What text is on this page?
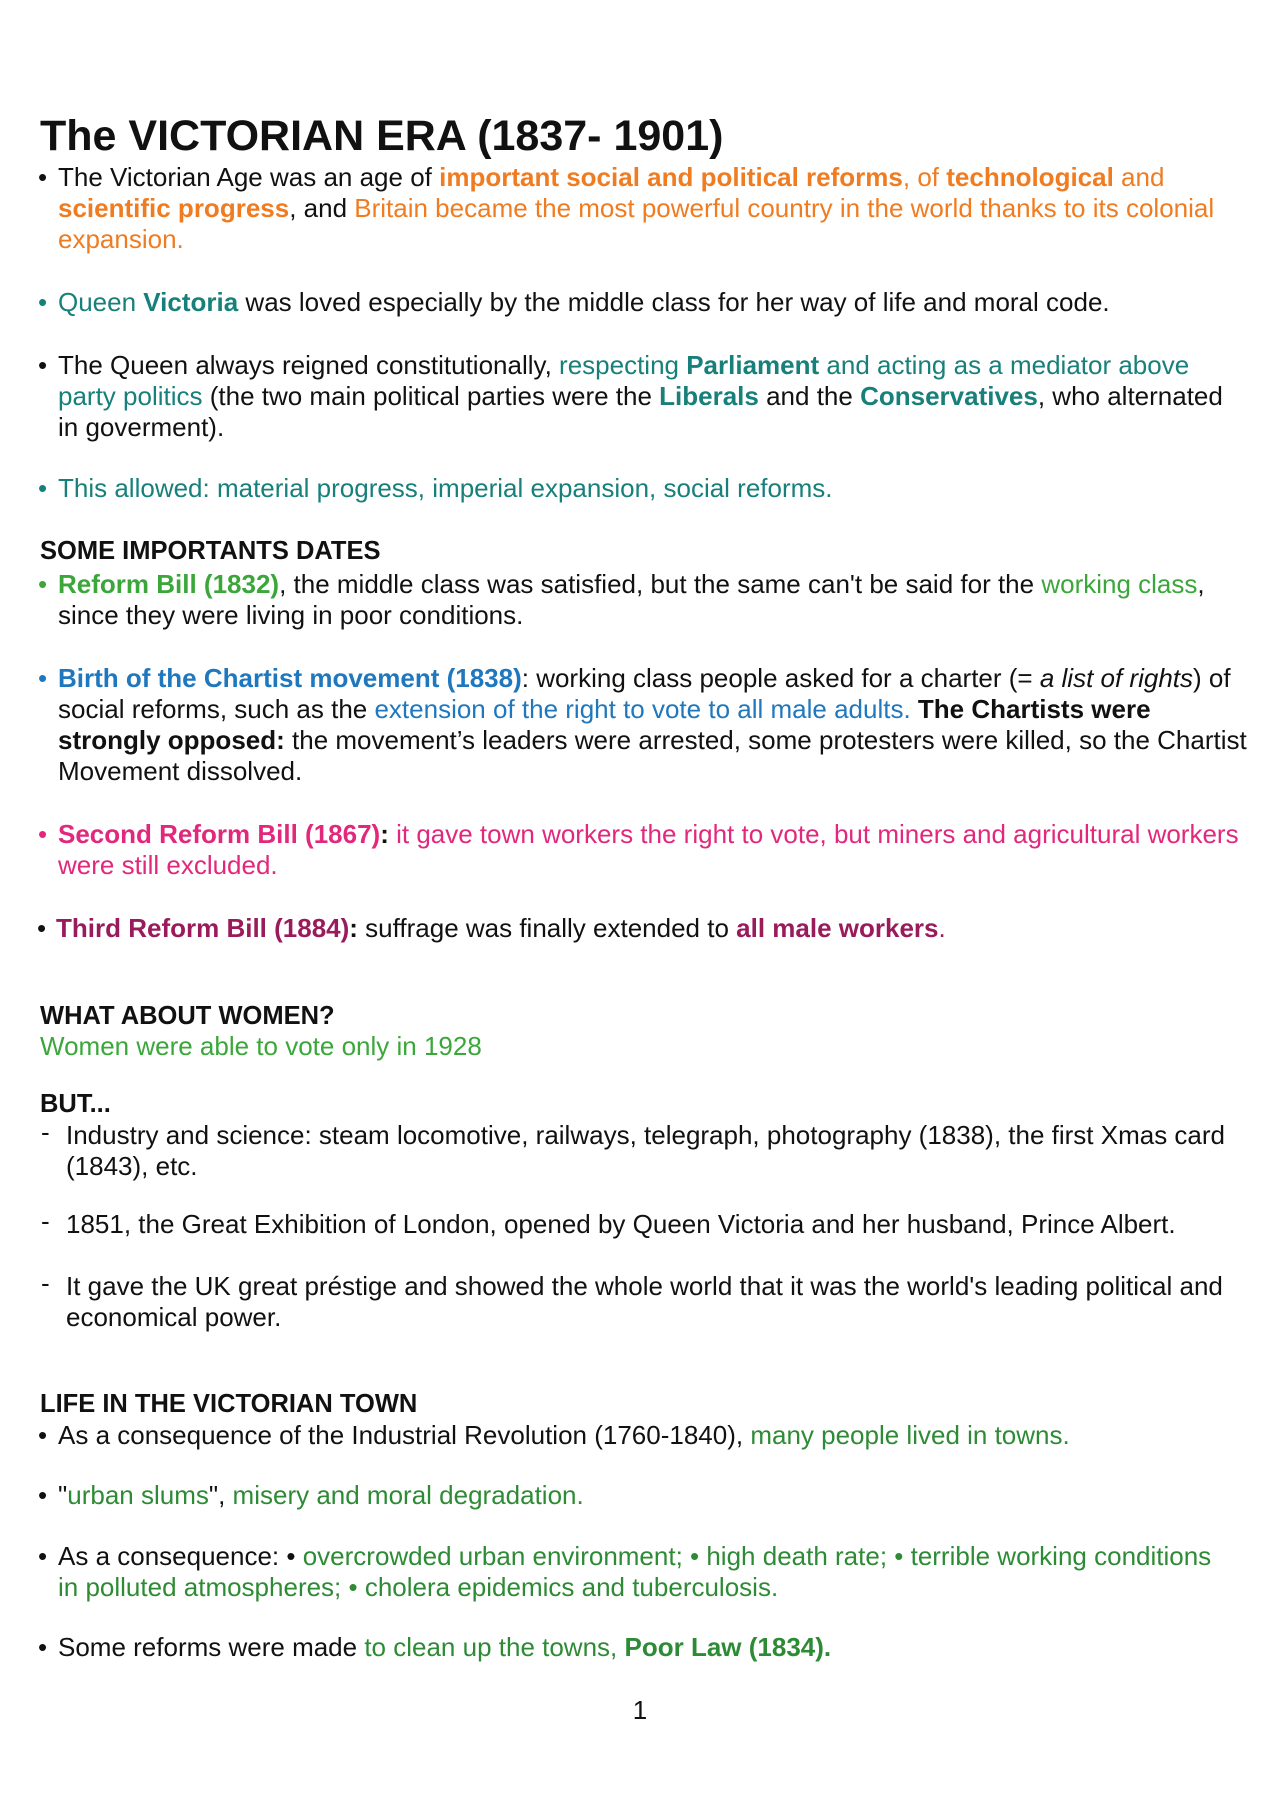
The VICTORIAN ERA (1837- 1901)
• The Victorian Age was an age of important social and political reforms, of technological and
scientific progress, and Britain became the most powerful country in the world thanks to its colonial
expansion.
• Queen Victoria was loved especially by the middle class for her way of life and moral code.
• The Queen always reigned constitutionally, respecting Parliament and acting as a mediator above
party politics (the two main political parties were the Liberals and the Conservatives, who alternated
in goverment).
• This allowed: material progress, imperial expansion, social reforms.
SOME IMPORTANTS DATES
• Reform Bill (1832), the middle class was satisfied, but the same can't be said for the working class,
since they were living in poor conditions.
• Birth of the Chartist movement (1838): working class people asked for a charter (= a list of rights) of
social reforms, such as the extension of the right to vote to all male adults. The Chartists were
strongly opposed: the movement’s leaders were arrested, some protesters were killed, so the Chartist
Movement dissolved.
• Second Reform Bill (1867): it gave town workers the right to vote, but miners and agricultural workers
were still excluded.
• Third Reform Bill (1884): suffrage was finally extended to all male workers.
WHAT ABOUT WOMEN?
Women were able to vote only in 1928
BUT...
- Industry and science: steam locomotive, railways, telegraph, photography (1838), the first Xmas card
(1843), etc.
- 1851, the Great Exhibition of London, opened by Queen Victoria and her husband, Prince Albert.
- It gave the UK great préstige and showed the whole world that it was the world's leading political and
economical power.
LIFE IN THE VICTORIAN TOWN
• As a consequence of the Industrial Revolution (1760-1840), many people lived in towns.
• "urban slums", misery and moral degradation.
• As a consequence: • overcrowded urban environment; • high death rate; • terrible working conditions
in polluted atmospheres; • cholera epidemics and tuberculosis.
• Some reforms were made to clean up the towns, Poor Law (1834).
1
